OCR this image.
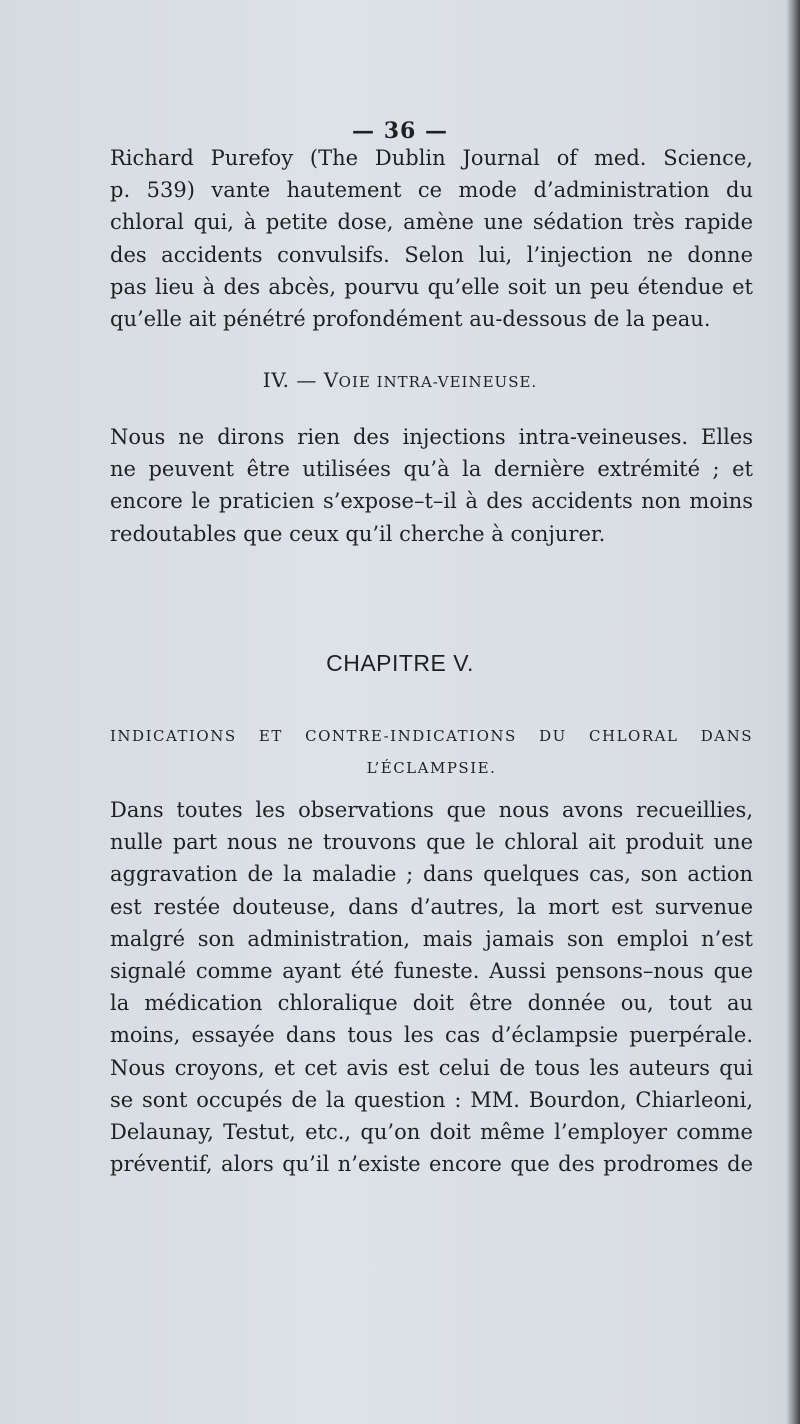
— 36 —

Richard Purefoy (The Dublin Journal of med. Science,
p. 539) vante hautement ce mode d’administration du
chloral qui, à petite dose, amène une sédation très rapide
des accidents convulsifs. Selon lui, l’injection ne donne
pas lieu à des abcès, pourvu qu’elle soit un peu étendue et
qu’elle ait pénétré profondément au-dessous de la peau.

IV. — VOIE INTRA-VEINEUSE.

Nous ne dirons rien des injections intra-veineuses. Elles
ne peuvent être utilisées qu’à la dernière extrémité ; et
encore le praticien s’expose–t–il à des accidents non moins
redoutables que ceux qu’il cherche à conjurer.

CHAPITRE V.
INDICATIONS ET CONTRE-INDICATIONS DU CHLORAL DANS
L’ÉCLAMPSIE.

Dans toutes les observations que nous avons recueillies,
nulle part nous ne trouvons que le chloral ait produit une
aggravation de la maladie ; dans quelques cas, son action
est restée douteuse, dans d’autres, la mort est survenue
malgré son administration, mais jamais son emploi n’est
signalé comme ayant été funeste. Aussi pensons–nous que
la médication chloralique doit être donnée ou, tout au
moins, essayée dans tous les cas d’éclampsie puerpérale.
Nous croyons, et cet avis est celui de tous les auteurs qui
se sont occupés de la question : MM. Bourdon, Chiarleoni,
Delaunay, Testut, etc., qu’on doit même l’employer comme
préventif, alors qu’il n’existe encore que des prodromes de
